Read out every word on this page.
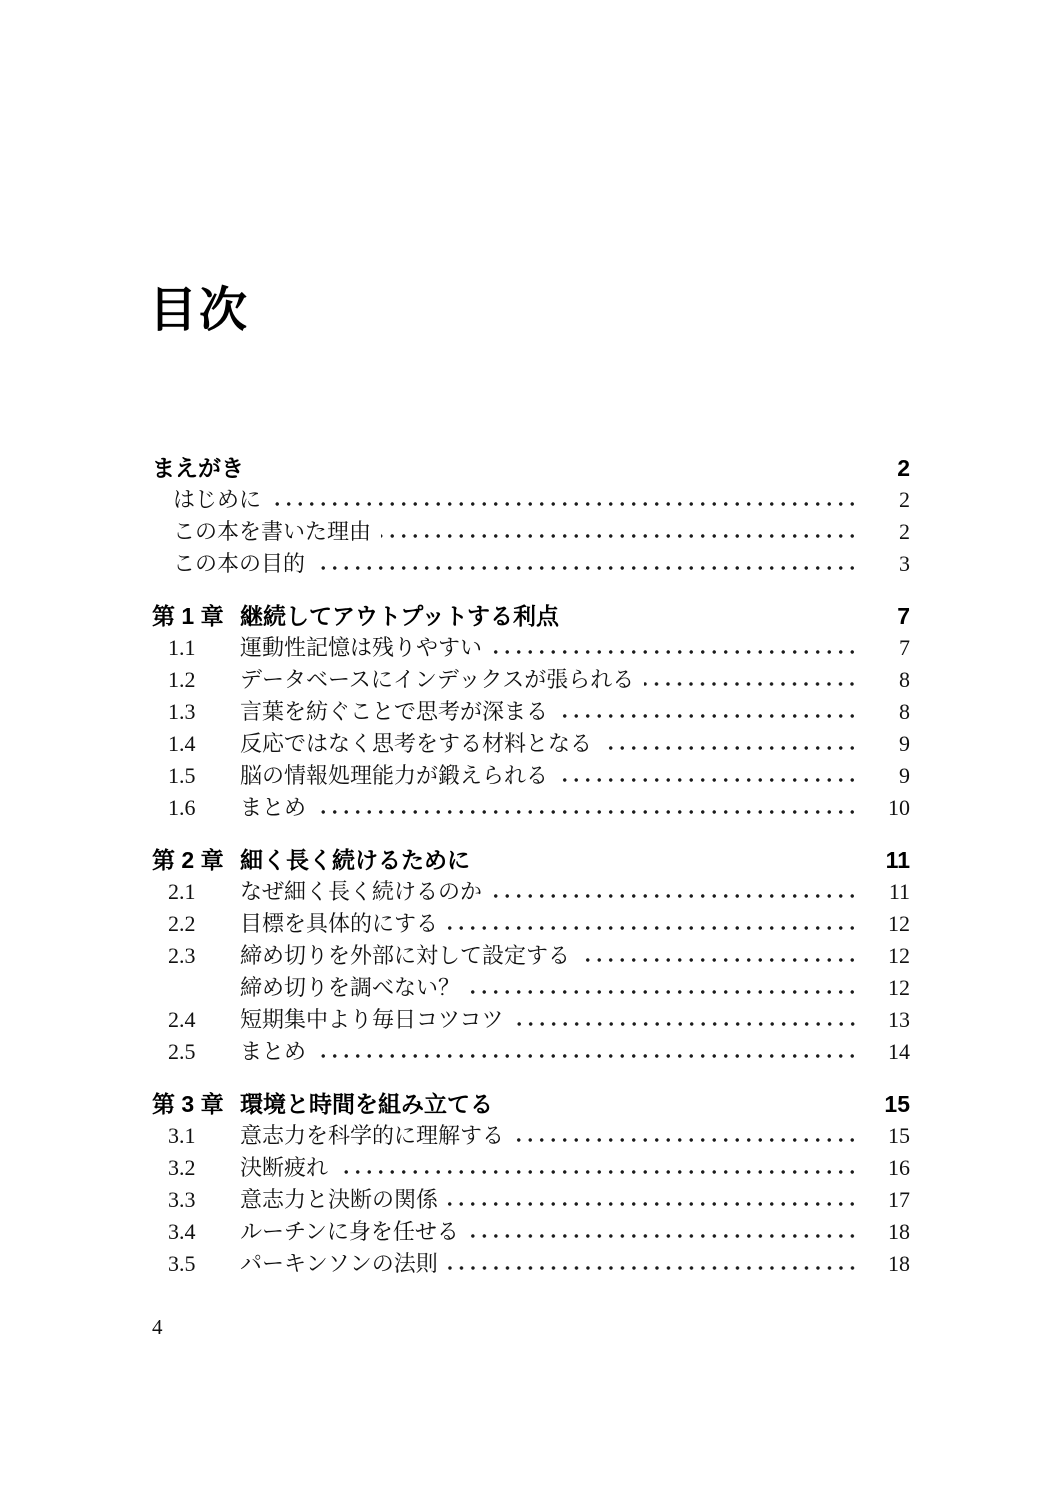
目次
まえがき	2
はじめに	2
この本を書いた理由	2
この本の目的	3
第 1 章 継続してアウトプットする利点	7
1.1	運動性記憶は残りやすい	7
1.2	データベースにインデックスが張られる	8
1.3	言葉を紡ぐことで思考が深まる	8
1.4	反応ではなく思考をする材料となる	9
1.5	脳の情報処理能力が鍛えられる	9
1.6	まとめ	10
第 2 章 細く長く続けるために	11
2.1	なぜ細く長く続けるのか	11
2.2	目標を具体的にする	12
2.3	締め切りを外部に対して設定する	12
締め切りを調べない？	12
2.4	短期集中より毎日コツコツ	13
2.5	まとめ	14
第 3 章 環境と時間を組み立てる	15
3.1	意志力を科学的に理解する	15
3.2	決断疲れ	16
3.3	意志力と決断の関係	17
3.4	ルーチンに身を任せる	18
3.5	パーキンソンの法則	18
4
